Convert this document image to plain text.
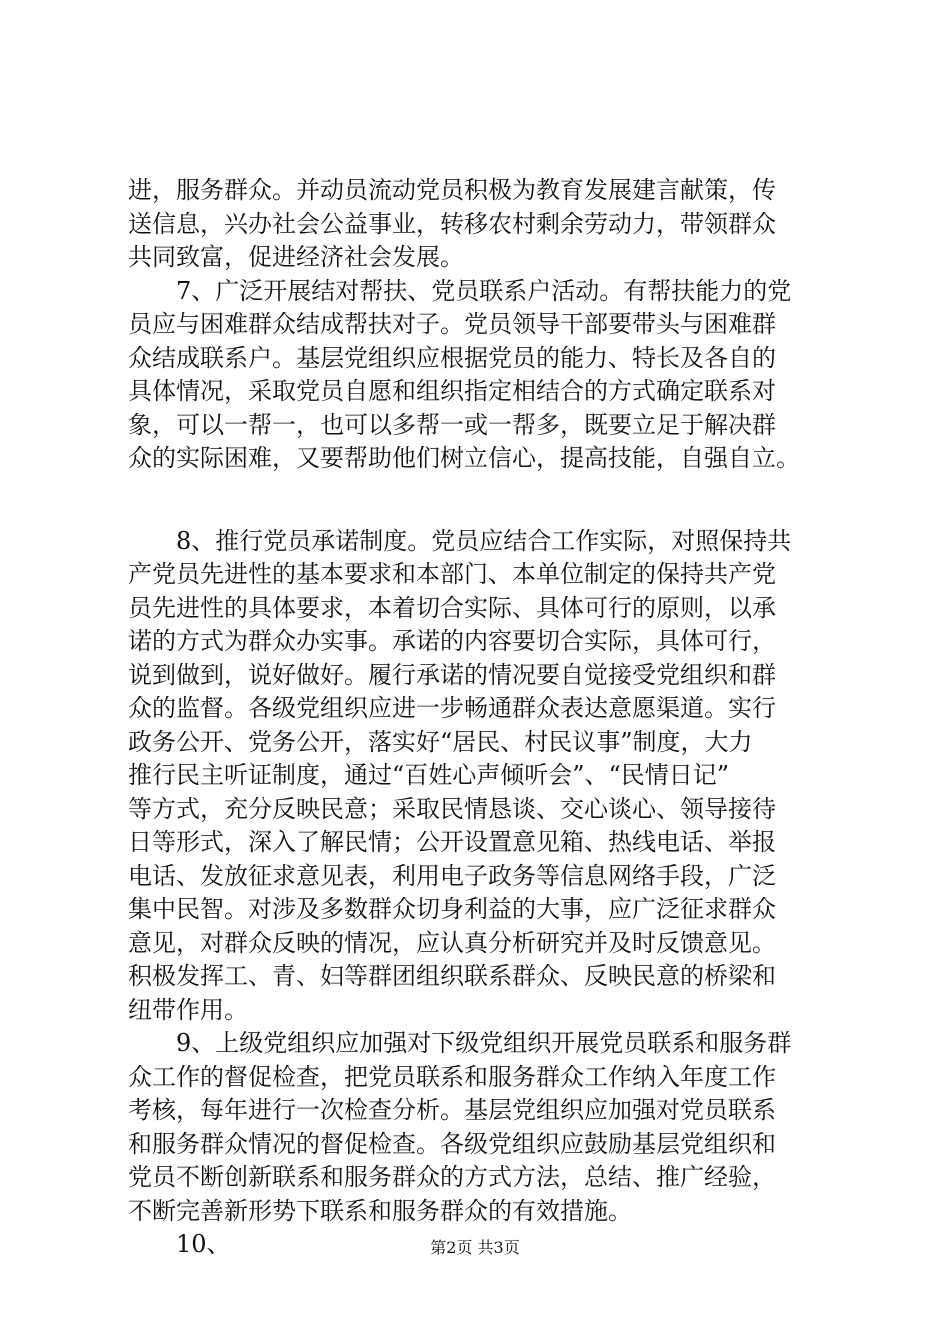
进，服务群众。并动员流动党员积极为教育发展建言献策，传
送信息，兴办社会公益事业，转移农村剩余劳动力，带领群众
共同致富，促进经济社会发展。
7、广泛开展结对帮扶、党员联系户活动。有帮扶能力的党
员应与困难群众结成帮扶对子。党员领导干部要带头与困难群
众结成联系户。基层党组织应根据党员的能力、特长及各自的
具体情况，采取党员自愿和组织指定相结合的方式确定联系对
象，可以一帮一，也可以多帮一或一帮多，既要立足于解决群
众的实际困难，又要帮助他们树立信心，提高技能，自强自立。
8、推行党员承诺制度。党员应结合工作实际，对照保持共
产党员先进性的基本要求和本部门、本单位制定的保持共产党
员先进性的具体要求，本着切合实际、具体可行的原则，以承
诺的方式为群众办实事。承诺的内容要切合实际，具体可行，
说到做到，说好做好。履行承诺的情况要自觉接受党组织和群
众的监督。各级党组织应进一步畅通群众表达意愿渠道。实行
政务公开、党务公开，落实好“居民、村民议事”制度，大力
推行民主听证制度，通过“百姓心声倾听会”、“民情日记”
等方式，充分反映民意；采取民情恳谈、交心谈心、领导接待
日等形式，深入了解民情；公开设置意见箱、热线电话、举报
电话、发放征求意见表，利用电子政务等信息网络手段，广泛
集中民智。对涉及多数群众切身利益的大事，应广泛征求群众
意见，对群众反映的情况，应认真分析研究并及时反馈意见。
积极发挥工、青、妇等群团组织联系群众、反映民意的桥梁和
纽带作用。
9、上级党组织应加强对下级党组织开展党员联系和服务群
众工作的督促检查，把党员联系和服务群众工作纳入年度工作
考核，每年进行一次检查分析。基层党组织应加强对党员联系
和服务群众情况的督促检查。各级党组织应鼓励基层党组织和
党员不断创新联系和服务群众的方式方法，总结、推广经验，
不断完善新形势下联系和服务群众的有效措施。
10、	第2页 共3页
